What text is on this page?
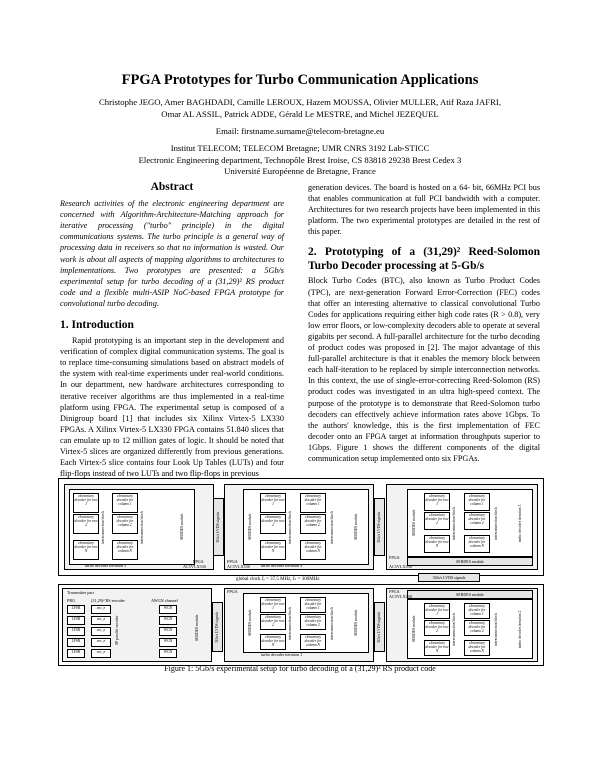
FPGA Prototypes for Turbo Communication Applications
Christophe JEGO, Amer BAGHDADI, Camille LEROUX, Hazem MOUSSA, Olivier MULLER, Atif Raza JAFRI,
Omar AL ASSIL, Patrick ADDE, Gérald Le MESTRE, and Michel JEZEQUEL
Email: firstname.surname@telecom-bretagne.eu
Institut TELECOM; TELECOM Bretagne; UMR CNRS 3192 Lab-STICC
Electronic Engineering department, Technopôle Brest Iroise, CS 83818 29238 Brest Cedex 3
Université Européenne de Bretagne, France
Abstract

Research activities of the electronic engineering department are concerned with Algorithm-Architecture-Matching approach for iterative processing ("turbo" principle) in the digital communications systems. The turbo principle is a general way of processing data in receivers so that no information is wasted. Our work is about all aspects of mapping algorithms to architectures to implementations. Two prototypes are presented: a 5Gb/s experimental setup for turbo decoding of a (31,29)² RS product code and a flexible multi-ASIP NoC-based FPGA prototype for convolutional turbo decoding.

1. Introduction

Rapid prototyping is an important step in the development and verification of complex digital communication systems. The goal is to replace time-consuming simulations based on abstract models of the system with real-time experiments under real-world conditions. In our department, new hardware architectures corresponding to iterative receiver algorithms are thus implemented in a real-time platform using FPGA. The experimental setup is composed of a Dinigroup board [1] that includes six Xilinx Virtex-5 LX330 FPGAs. A Xilinx Virtex-5 LX330 FPGA contains 51.840 slices that can emulate up to 12 million gates of logic. It should be noted that Virtex-5 slices are organized differently from previous generations. Each Virtex-5 slice contains four Look Up Tables (LUTs) and four flip-flops instead of two LUTs and two flip-flops in previous

generation devices. The board is hosted on a 64- bit, 66MHz PCI bus that enables communication at full PCI bandwidth with a computer. Architectures for two research projects have been implemented in this platform. The two experimental prototypes are detailed in the rest of this paper.

2. Prototyping of a (31,29)² Reed-Solomon Turbo Decoder processing at 5-Gb/s

Block Turbo Codes (BTC), also known as Turbo Product Codes (TPC), are next-generation Forward Error-Correction (FEC) codes that offer an interesting alternative to classical convolutional Turbo Codes for applications requiring either high code rates (R > 0.8), very low error floors, or low-complexity decoders able to operate at several gigabits per second. A full-parallel architecture for the turbo decoding of product codes was proposed in [2]. The major advantage of this full-parallel architecture is that it enables the memory block between each half-iteration to be replaced by simple interconnection networks. In this context, the use of single-error-correcting Reed-Solomon (RS) product codes was investigated in an ultra high-speed context. The purpose of the prototype is to demonstrate that Reed-Solomon turbo decoders can effectively achieve information rates above 1Gbps. To the authors' knowledge, this is the first implementation of FEC decoder onto an FPGA target at information throughputs superior to 1Gbps. Figure 1 shows the different components of the digital communication setup implemented onto six FPGAs.

elementary decoder for row 1
elementary decoder for row 2
elementary decoder for row N
interconnection block
elementary decoder for column 1
elementary decoder for column 2
elementary decoder for column N
interconnection block	SERDES module
turbo decoder iteration 5
FPGA
AC5VLX330
SERDES module
elementary decoder for row 1
elementary decoder for row 2
elementary decoder for row N
interconnection block
elementary decoder for column 1
elementary decoder for column 2
elementary decoder for column N
interconnection block	SERDES module
turbo decoder iteration 4
FPGA
AC5VLX330
SERDES module
elementary decoder for row 1
elementary decoder for row 2
elementary decoder for row N
interconnection block
elementary decoder for column 1
elementary decoder for column 2
elementary decoder for column N
interconnection block	turbo decoder iteration 3
SERDES module
FPGA
AC5VLX330
3Gb/s LVDS signals	3Gb/s LVDS signals
global clock fₑ = 37.5 MHz, fₛ = 300MHz	3Gb/s LVDS signals
Transmitter part
PRG	(31,29)² RS encoder	AWGN channel
LFSR
LFSR
LFSR
LFSR
LFSR
enc_n
enc_n
enc_n
enc_n
enc_n
SP parallel encoder
WGN
WGN
WGN
WGN
WGN
SERDES module	SERDES module
elementary decoder for row 1
elementary decoder for row 2
elementary decoder for row N
interconnection block
elementary decoder for column 1
elementary decoder for column 2
elementary decoder for column N
interconnection block	SERDES module
turbo decoder iteration 1
FPGA
SERDES module
SERDES module
elementary decoder for row 1
elementary decoder for row 2
elementary decoder for row N
interconnection block
elementary decoder for column 1
elementary decoder for column 2
elementary decoder for column N
interconnection block	turbo decoder iteration 2
FPGA
AC5VLX330
3Gb/s LVDS signals	3Gb/s LVDS signals
Figure 1: 5Gb/s experimental setup for turbo decoding of a (31,29)² RS product code
